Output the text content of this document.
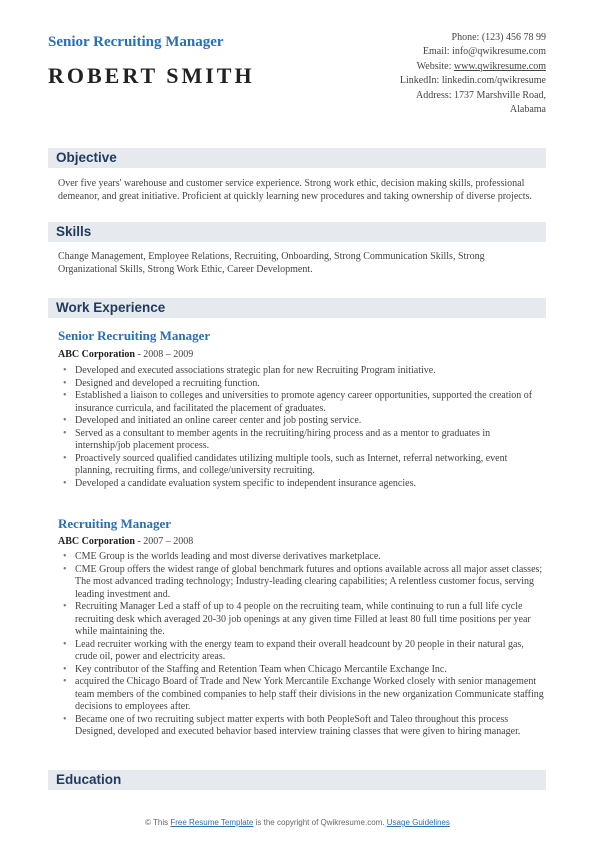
Senior Recruiting Manager
ROBERT SMITH
Phone: (123) 456 78 99
Email: info@qwikresume.com
Website: www.qwikresume.com
LinkedIn: linkedin.com/qwikresume
Address: 1737 Marshville Road,
Alabama
Objective
Over five years' warehouse and customer service experience. Strong work ethic, decision making skills, professional demeanor, and great initiative. Proficient at quickly learning new procedures and taking ownership of diverse projects.
Skills
Change Management, Employee Relations, Recruiting, Onboarding, Strong Communication Skills, Strong Organizational Skills, Strong Work Ethic, Career Development.
Work Experience
Senior Recruiting Manager
ABC Corporation - 2008 – 2009
• Developed and executed associations strategic plan for new Recruiting Program initiative.
• Designed and developed a recruiting function.
• Established a liaison to colleges and universities to promote agency career opportunities, supported the creation of insurance curricula, and facilitated the placement of graduates.
• Developed and initiated an online career center and job posting service.
• Served as a consultant to member agents in the recruiting/hiring process and as a mentor to graduates in internship/job placement process.
• Proactively sourced qualified candidates utilizing multiple tools, such as Internet, referral networking, event planning, recruiting firms, and college/university recruiting.
• Developed a candidate evaluation system specific to independent insurance agencies.
Recruiting Manager
ABC Corporation - 2007 – 2008
• CME Group is the worlds leading and most diverse derivatives marketplace.
• CME Group offers the widest range of global benchmark futures and options available across all major asset classes; The most advanced trading technology; Industry-leading clearing capabilities; A relentless customer focus, serving leading investment and.
• Recruiting Manager Led a staff of up to 4 people on the recruiting team, while continuing to run a full life cycle recruiting desk which averaged 20-30 job openings at any given time Filled at least 80 full time positions per year while maintaining the.
• Lead recruiter working with the energy team to expand their overall headcount by 20 people in their natural gas, crude oil, power and electricity areas.
• Key contributor of the Staffing and Retention Team when Chicago Mercantile Exchange Inc.
• acquired the Chicago Board of Trade and New York Mercantile Exchange Worked closely with senior management team members of the combined companies to help staff their divisions in the new organization Communicate staffing decisions to employees after.
• Became one of two recruiting subject matter experts with both PeopleSoft and Taleo throughout this process Designed, developed and executed behavior based interview training classes that were given to hiring manager.
Education
© This Free Resume Template is the copyright of Qwikresume.com. Usage Guidelines
